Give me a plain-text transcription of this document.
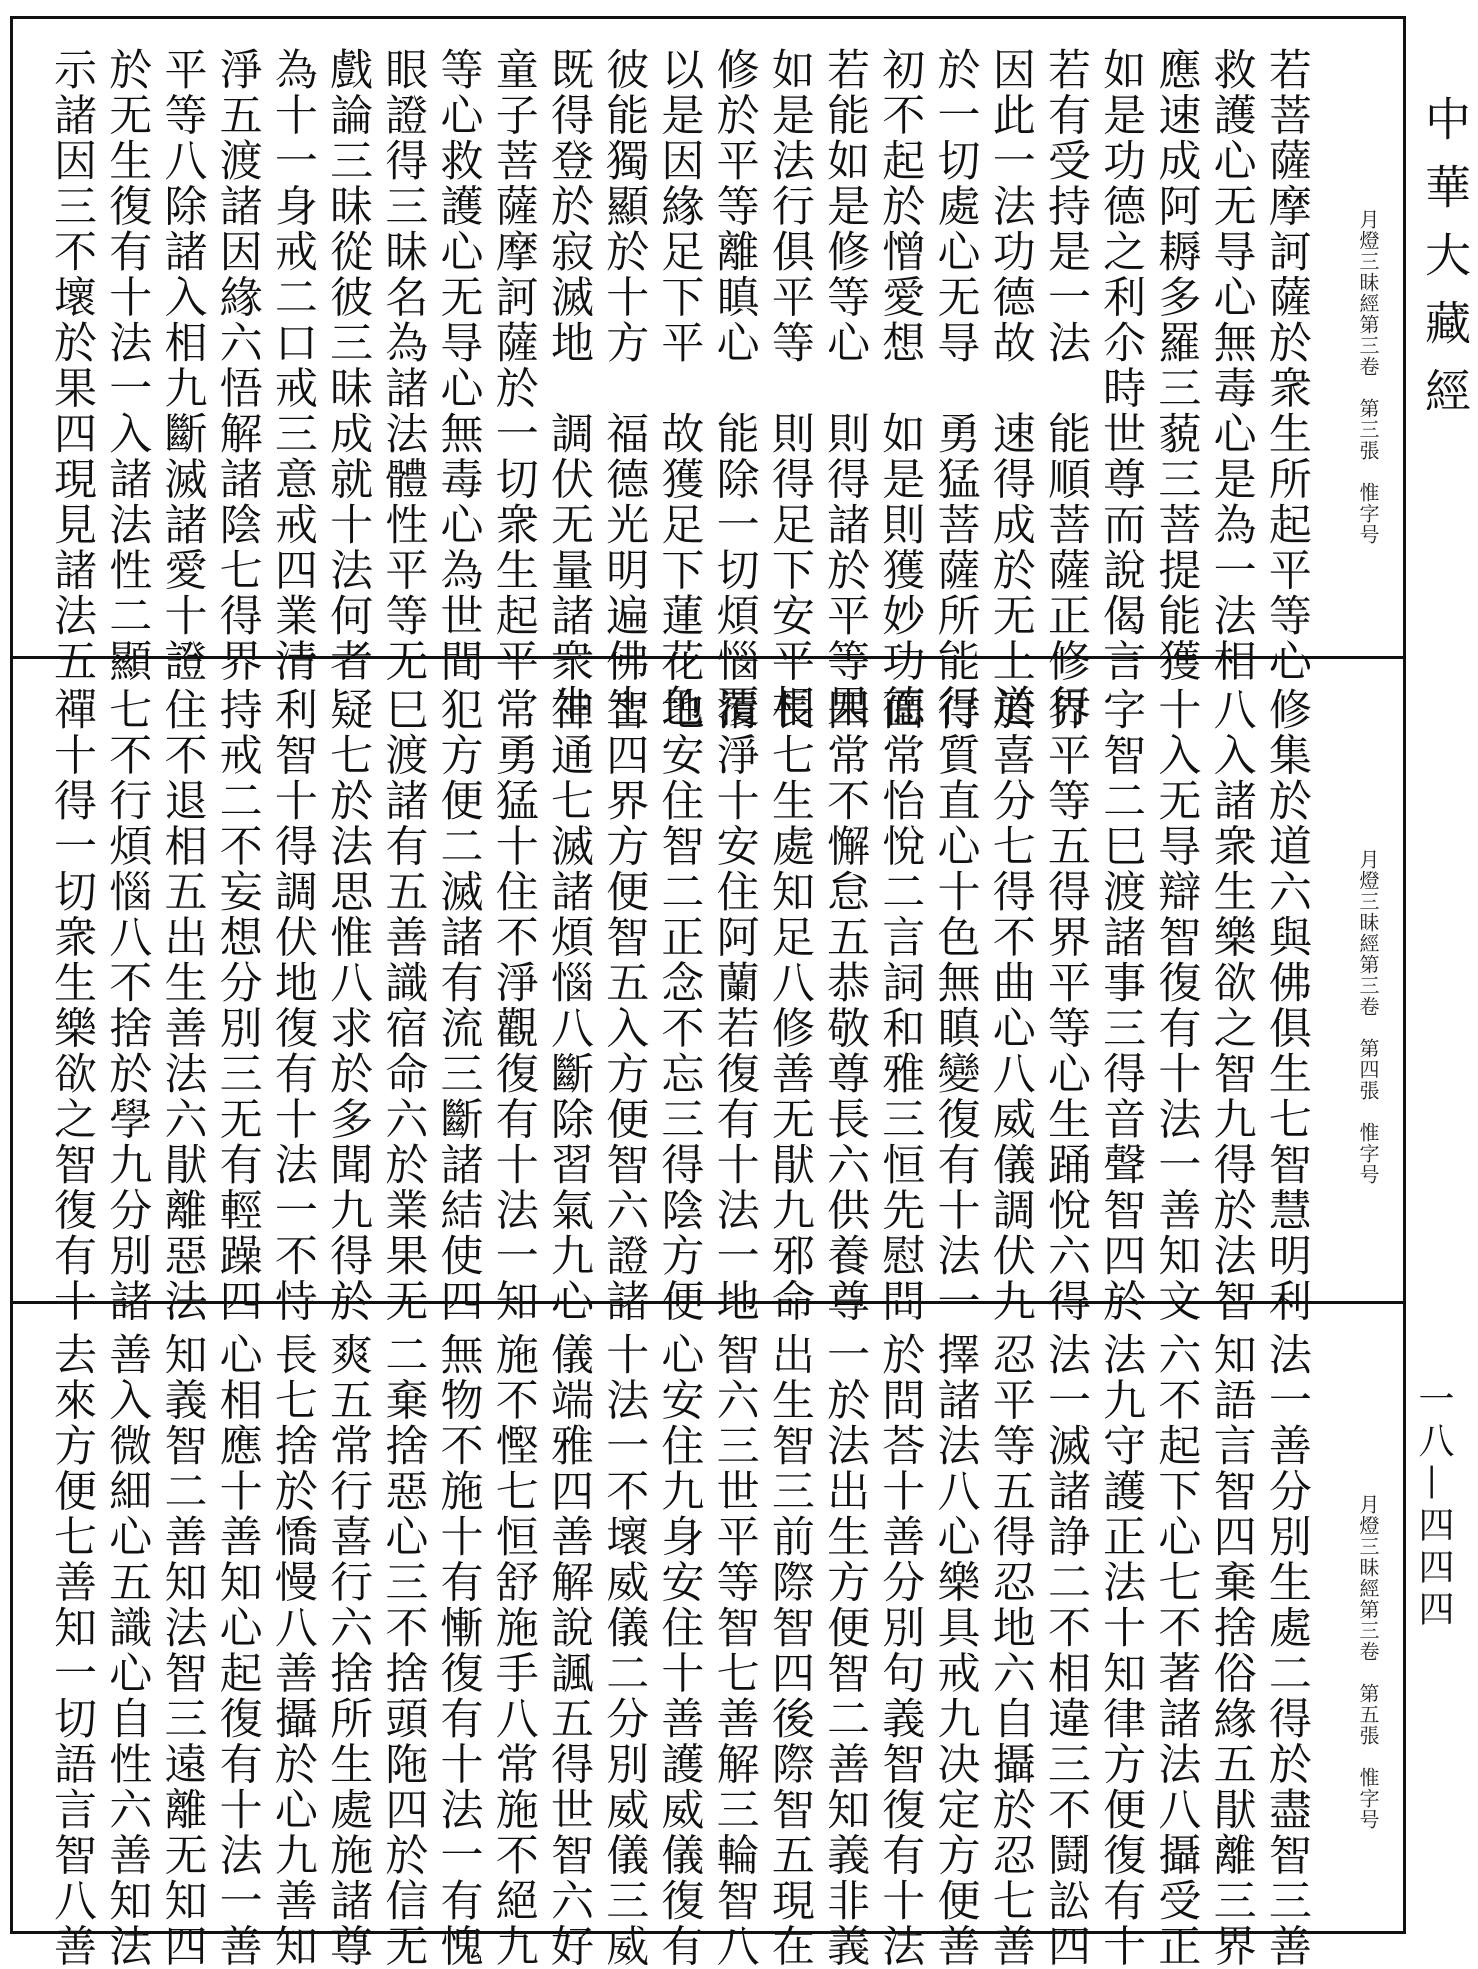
若菩薩摩訶薩於衆生所起平等心
救護心无㝵心無毒心是為一法相
應速成阿耨多羅三藐三菩提能獲
如是功德之利尒時世尊而說偈言
若有受持是一法　能順菩薩正修行
因此一法功德故　速得成於无上道
於一切處心无㝵　勇猛菩薩所能行
初不起於憎愛想　如是則獲妙功德
若能如是修等心　則得諸於平等果
如是法行俱平等　則得足下安平相
修於平等離瞋心　能除一切煩惱覆
以是因緣足下平　故獲足下蓮花色
彼能獨顯於十方　福德光明遍佛土
既得登於寂滅地　調伏无量諸衆生
童子菩薩摩訶薩於一切衆生起平
等心救護心无㝵心無毒心為世間
眼證得三昧名為諸法體性平等无
戲論三昧從彼三昧成就十法何者
為十一身戒二口戒三意戒四業清
淨五渡諸因緣六悟解諸陰七得界
平等八除諸入相九斷滅諸愛十證
於无生復有十法一入諸法性二顯
示諸因三不壞於果四現見諸法五	月燈三昧經第三卷　第三張　惟字号
修集於道六與佛俱生七智慧明利
八入諸衆生樂欲之智九得於法智
十入无㝵辯智復有十法一善知文
字智二巳渡諸事三得音聲智四於
界平等五得界平等心生踊悅六得
於喜分七得不曲心八威儀調伏九
得質直心十色無瞋變復有十法一
面常怡悅二言詞和雅三恒先慰問
四常不懈怠五恭敬尊長六供養尊
長七生處知足八修善无猒九邪命
清淨十安住阿蘭若復有十法一地
地安住智二正念不忘三得陰方便
智四界方便智五入方便智六證諸
神通七滅諸煩惱八斷除習氣九心
常勇猛十住不淨觀復有十法一知
犯方便二滅諸有流三斷諸結使四
巳渡諸有五善識宿命六於業果无
疑七於法思惟八求於多聞九得於
利智十得調伏地復有十法一不恃
持戒二不妄想分別三无有輕躁四
住不退相五出生善法六猒離惡法
七不行煩惱八不捨於學九分別諸
禪十得一切衆生樂欲之智復有十	月燈三昧經第三卷　第四張　惟字号
法一善分別生處二得於盡智三善
知語言智四棄捨俗緣五猒離三界
六不起下心七不著諸法八攝受正
法九守護正法十知律方便復有十
法一滅諸諍二不相違三不鬪訟四
忍平等五得忍地六自攝於忍七善
擇諸法八心樂具戒九决定方便善
於問荅十善分別句義智復有十法
一於法出生方便智二善知義非義
出生智三前際智四後際智五現在
智六三世平等智七善解三輪智八
心安住九身安住十善護威儀復有
十法一不壞威儀二分別威儀三威
儀端雅四善解說諷五得世智六好
施不慳七恒舒施手八常施不絕九
無物不施十有慚復有十法一有愧
二棄捨惡心三不捨頭陁四於信无
爽五常行喜行六捨所生處施諸尊
長七捨於憍慢八善攝於心九善知
心相應十善知心起復有十法一善
知義智二善知法智三遠離无知四
善入微細心五識心自性六善知法
去來方便七善知一切語言智八善	月燈三昧經第三卷　第五張　惟字号
中華大藏經
一八—四四四
